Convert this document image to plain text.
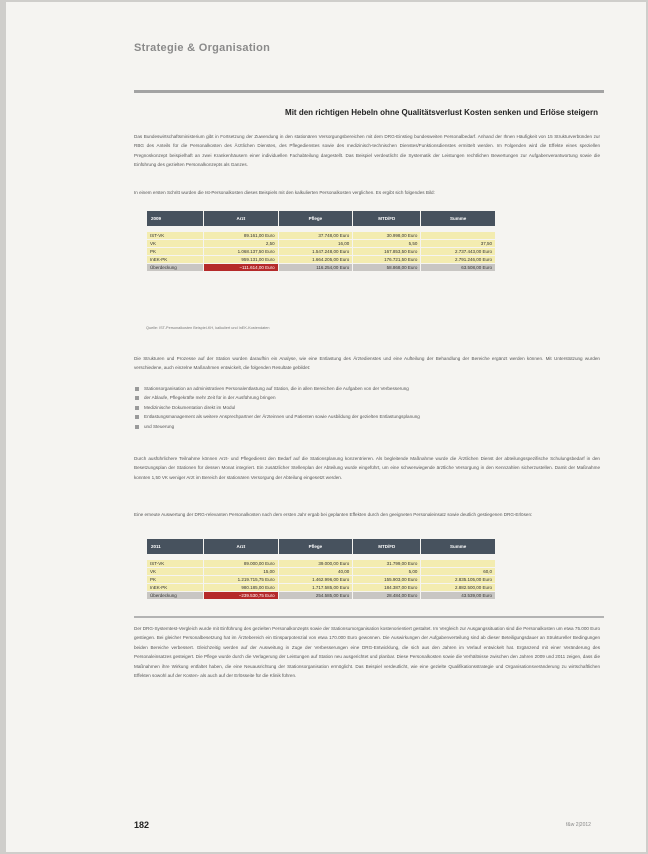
Strategie & Organisation
Mit den richtigen Hebeln ohne Qualitätsverlust Kosten senken und Erlöse steigern

Das Bundeswirtschaftsministerium gibt in Fortsetzung der Zuwendung in den stationären Versorgungsbereichen mit dem DRG-Einstieg bundesweiten Personalbedarf. Anhand der Ihnen Häufigkeit von 15 Strukturverbünden zur RBG des Anteils für die Personalkosten des Ärztlichen Dienstes, des Pflegedienstes sowie des medizinisch-technischen Dienstes/Funktionsdienstes ermittelt werden. Im Folgenden wird die Effekte eines speziellen Pregnoskonzept beispielhaft an zwei Krankenhäusern einer individuellen Fachabteilung dargestellt. Das Beispiel verdeutlicht die Systematik der Leistungen rechtlichen Bewertungen zur Aufgabenverantwortung sowie die Einführung des gezielten Personalkonzepts als Ganzes.

In einem ersten Schritt wurden die Ist-Personalkosten dieses Beispiels mit den kalkulierten Personalkosten verglichen. Es ergibt sich folgendes Bild:

2009	Arzt	Pflege	MTD/FD	Summe

IST-VK	89.161,00 Euro	37.748,00 Euro	30.998,00 Euro	
VK	2,50	16,00	5,50	37,50
PK	1.068.137,50 Euro	1.547.248,00 Euro	167.853,50 Euro	2.737.443,00 Euro
InEK-PK	959.131,00 Euro	1.664.205,00 Euro	176.721,50 Euro	2.791.246,00 Euro
Überdeckung	−111.614,00 Euro	116.254,00 Euro	58.868,00 Euro	63.508,00 Euro
Quelle: IST-Personalkosten Beispiel-KH, kalkuliert und InEK-Kostendaten

Die Strukturen und Prozesse auf der Station wurden daraufhin ein Analyse, wie eine Entlastung des Ärztedienstes und eine Aufteilung der Behandlung der Bereiche ergänzt werden können. Mit Unterstützung wurden verschiedene, auch einzelne Maßnahmen entwickelt, die folgenden Resultate gebildet:

Stationsorganisation an administrativen Personalentlastung auf Station, die in allen Bereichen die Aufgaben von der Verbesserung
der Ablaufe, Pflegekräfte mehr Zeit für in der Ausführung bringen
Medizinische Dokumentation direkt im Modul
Entlastungsmanagement als weitere Ansprechpartner der Ärzteinnen und Patienten sowie Ausbildung der gezielten Entlastungsplanung
und Steuerung

Durch ausführlichere Teilnahme können Arzt- und Pflegedienst den Bedarf auf die Stationsplanung konzentrieren. Als begleitende Maßnahme wurde die Ärztlichen Dienst der abteilungsspezifische Schulungsbedarf in den Besetzungsplan der Stationen für dessen Monat integriert. Ein zusätzlicher Stellenplan der Abteilung wurde eingeführt, um eine schwerwiegende ärztliche Versorgung in den Kennzahlen sicherzustellen. Damit der Maßnahme konnten 1,50 VK weniger Arzt im Bereich der stationären Versorgung der Abteilung eingesetzt werden.

Eine erneute Auswertung der DRG-relevanten Personalkosten nach dem ersten Jahr ergab bei geplanten Effekten durch den geeigneten Personaleinsatz sowie deutlich gestiegenen DRG-Erlösen:

2011	Arzt	Pflege	MTD/FD	Summe

IST-VK	89.000,00 Euro	39.000,00 Euro	31.799,00 Euro	
VK	15,00	40,00	5,00	60,0
PK	1.219.715,75 Euro	1.462.996,00 Euro	155.903,00 Euro	2.835.105,00 Euro
InEK-PK	980.185,00 Euro	1.717.585,00 Euro	184.387,00 Euro	2.882.500,00 Euro
Überdeckung	−239.530,75 Euro	254.585,00 Euro	28.484,00 Euro	43.539,00 Euro

Der DRG-Systemtest-Vergleich wurde mit Einführung des gezielten Personalkonzepts sowie der Stationsumorganisation kostenorientiert gestaltet. Im Vergleich zur Ausgangssituation sind die Personalkosten um etwa 75.000 Euro gestiegen. Bei gleicher Personalbesetzung hat im Ärztebereich ein Einsparpotenzial von etwa 170.000 Euro gewonnen. Die Auswirkungen der Aufgabenverteilung sind ab dieser Beteiligungsdauer an Struktureller Bedingungen beiden Bereiche verbessert. Gleichzeitig werden auf der Ausweitung in Zuge der Verbesserungen eine DRG-Entwicklung, die sich aus den Jahren im Verlauf entwickelt hat. Ergänzend mit einer Veränderung des Personaleinsatzes gesteigert. Die Pflege wurde durch die Verlagerung der Leistungen auf Station neu ausgerichtet und planbar. Diese Personalkosten sowie die Verhältnisse zwischen den Jahren 2009 und 2011 zeigen, dass die Maßnahmen ihre Wirkung entfaltet haben, die eine Neuausrichtung der Stationsorganisation ermöglicht. Das Beispiel verdeutlicht, wie eine gezielte Qualifikationsstrategie und Organisationsveränderung zu wirtschaftlichen Effekten sowohl auf der Kosten- als auch auf der Erlösseite für die Klinik führen.

182	f&w 2|2012
